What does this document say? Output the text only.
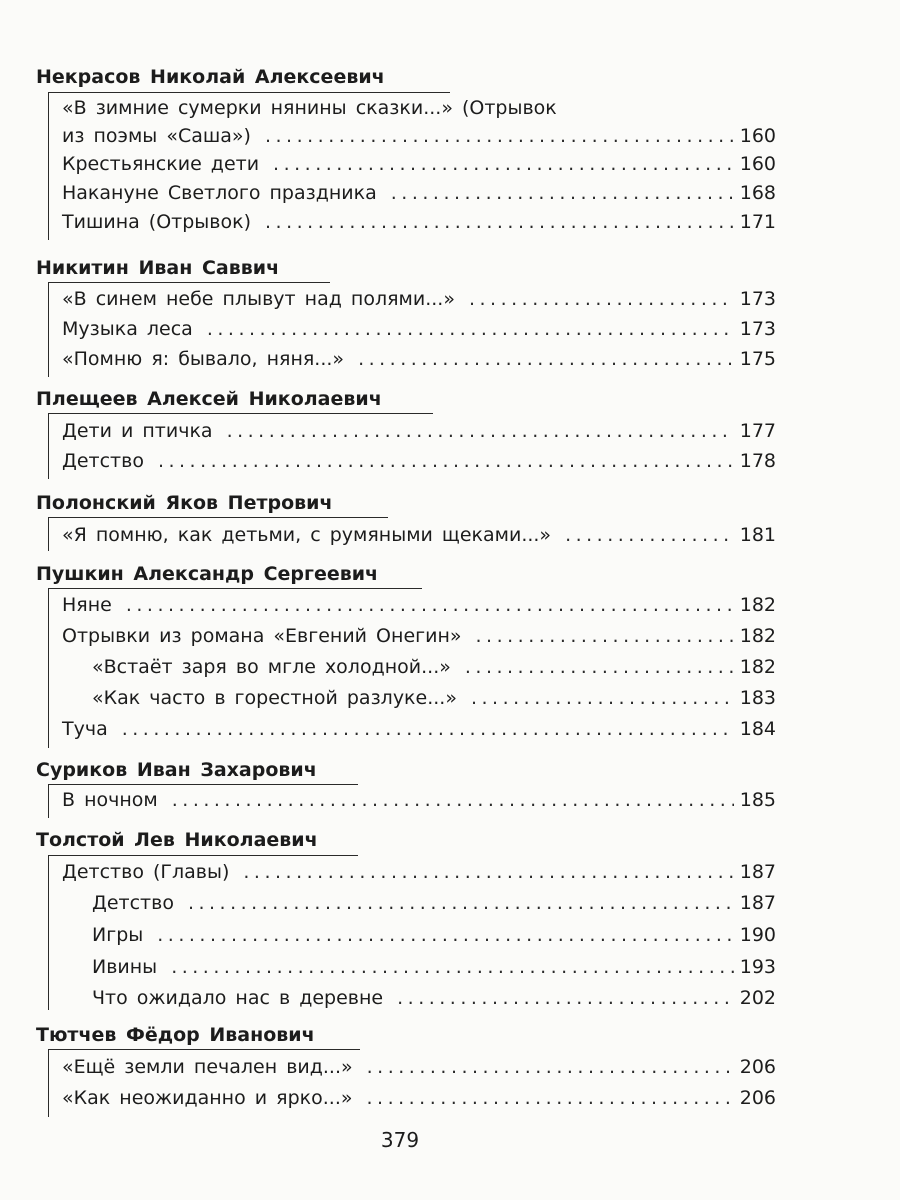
Некрасов Николай Алексеевич
«В зимние сумерки нянины сказки...» (Отрывок
из поэмы «Саша») .....	160
Крестьянские дети .....	160
Накануне Светлого праздника .....	168
Тишина (Отрывок) .....	171
Никитин Иван Саввич
«В синем небе плывут над полями...» .....	173
Музыка леса .....	173
«Помню я: бывало, няня...» .....	175
Плещеев Алексей Николаевич
Дети и птичка .....	177
Детство .....	178
Полонский Яков Петрович
«Я помню, как детьми, с румяными щеками...» .....	181
Пушкин Александр Сергеевич
Няне .....	182
Отрывки из романа «Евгений Онегин» .....	182
«Встаёт заря во мгле холодной...» .....	182
«Как часто в горестной разлуке...» .....	183
Туча .....	184
Суриков Иван Захарович
В ночном .....	185
Толстой Лев Николаевич
Детство (Главы) .....	187
Детство .....	187
Игры .....	190
Ивины .....	193
Что ожидало нас в деревне .....	202
Тютчев Фёдор Иванович
«Ещё земли печален вид...» .....	206
«Как неожиданно и ярко...» .....	206
379
